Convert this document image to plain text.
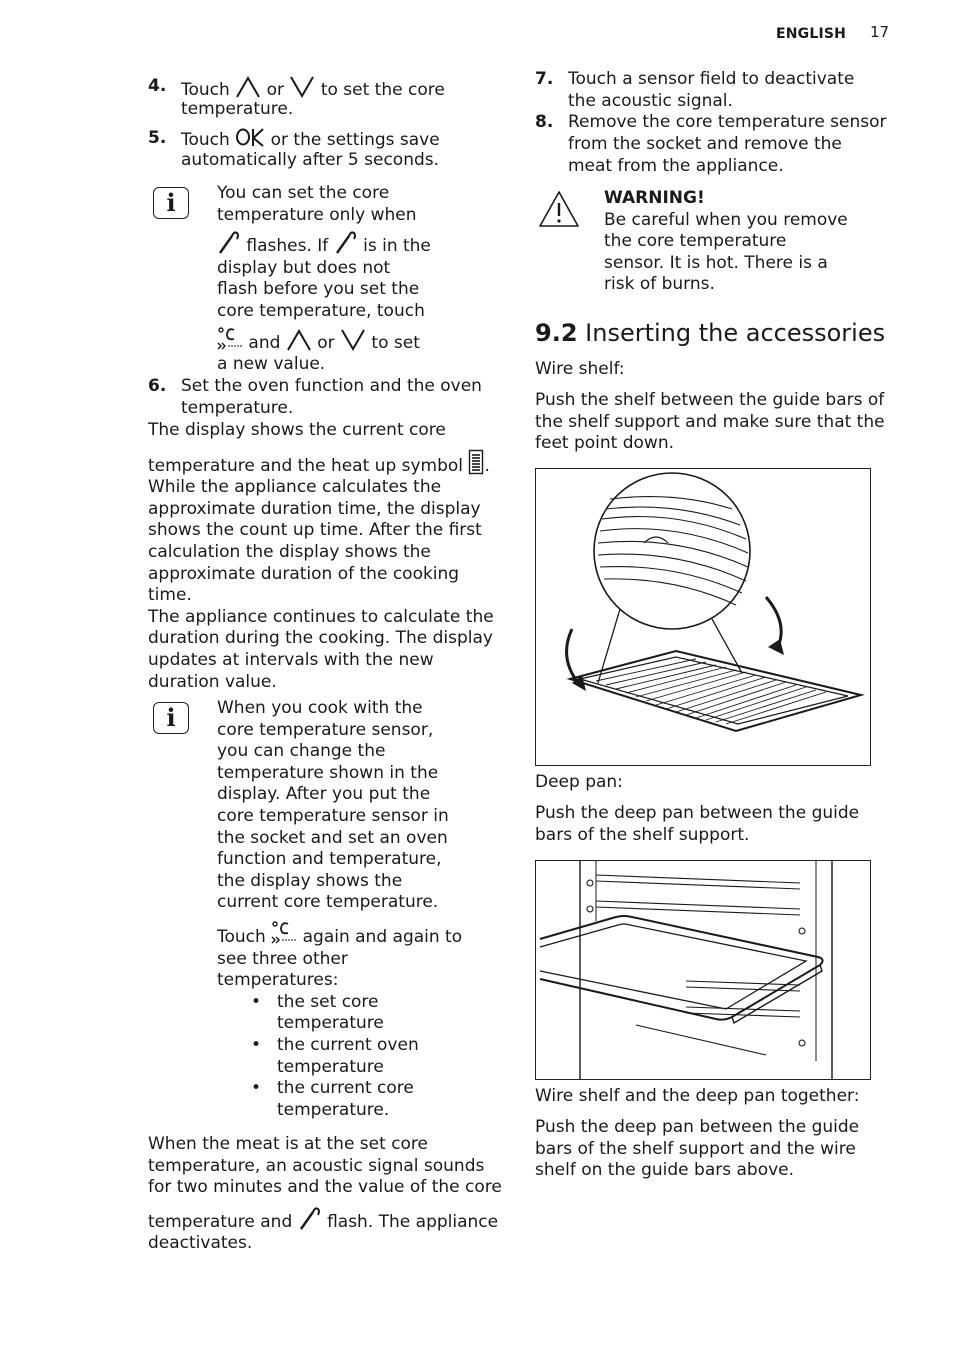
ENGLISH 17
4. Touch or to set the core
temperature.
5. Touch or the settings save
automatically after 5 seconds.
i	You can set the core
temperature only when
flashes. If is in the
display but does not
flash before you set the
core temperature, touch
and or to set
a new value.
6. Set the oven function and the oven
temperature.
The display shows the current core
temperature and the heat up symbol .
While the appliance calculates the
approximate duration time, the display
shows the count up time. After the first
calculation the display shows the
approximate duration of the cooking
time.
The appliance continues to calculate the
duration during the cooking. The display
updates at intervals with the new
duration value.
i	When you cook with the
core temperature sensor,
you can change the
temperature shown in the
display. After you put the
core temperature sensor in
the socket and set an oven
function and temperature,
the display shows the
current core temperature.
Touch again and again to
see three other
temperatures:
• the set core
temperature
• the current oven
temperature
• the current core
temperature.
When the meat is at the set core
temperature, an acoustic signal sounds
for two minutes and the value of the core
temperature and flash. The appliance
deactivates.
7. Touch a sensor field to deactivate
the acoustic signal.
8. Remove the core temperature sensor
from the socket and remove the
meat from the appliance.
WARNING!
Be careful when you remove
the core temperature
sensor. It is hot. There is a
risk of burns.
9.2 Inserting the accessories
Wire shelf:
Push the shelf between the guide bars of
the shelf support and make sure that the
feet point down.
Deep pan:
Push the deep pan between the guide
bars of the shelf support.
Wire shelf and the deep pan together:
Push the deep pan between the guide
bars of the shelf support and the wire
shelf on the guide bars above.
